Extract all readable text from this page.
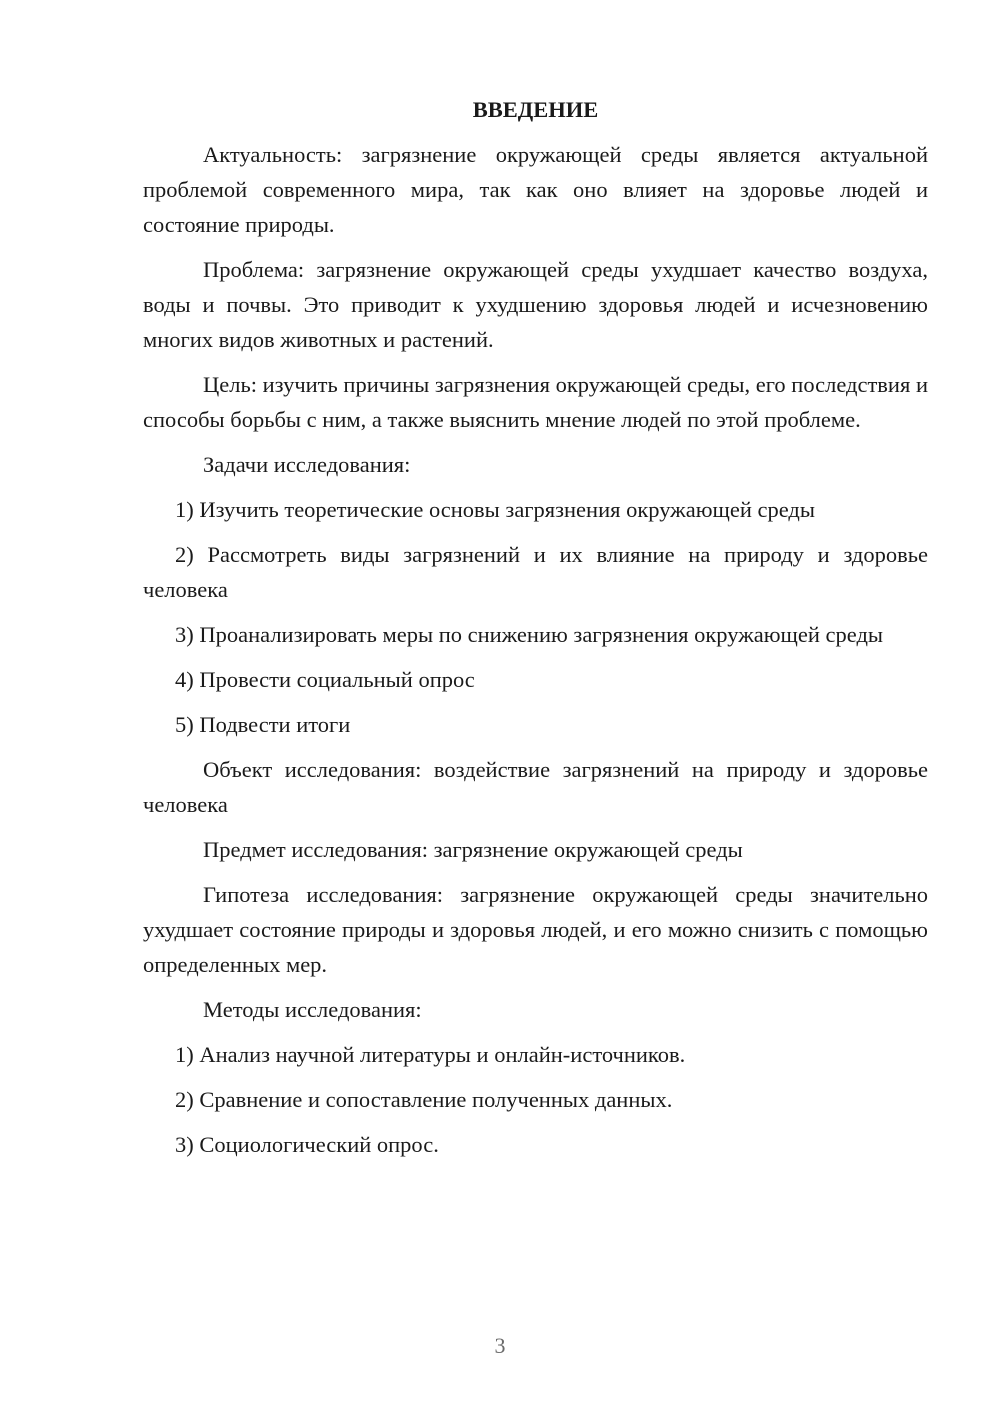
ВВЕДЕНИЕ
Актуальность: загрязнение окружающей среды является актуальной проблемой современного мира, так как оно влияет на здоровье людей и состояние природы.
Проблема: загрязнение окружающей среды ухудшает качество воздуха, воды и почвы. Это приводит к ухудшению здоровья людей и исчезновению многих видов животных и растений.
Цель: изучить причины загрязнения окружающей среды, его последствия и способы борьбы с ним, а также выяснить мнение людей по этой проблеме.
Задачи исследования:
1) Изучить теоретические основы загрязнения окружающей среды
2) Рассмотреть виды загрязнений и их влияние на природу и здоровье человека
3) Проанализировать меры по снижению загрязнения окружающей среды
4) Провести социальный опрос
5) Подвести итоги
Объект исследования: воздействие загрязнений на природу и здоровье человека
Предмет исследования: загрязнение окружающей среды
Гипотеза исследования: загрязнение окружающей среды значительно ухудшает состояние природы и здоровья людей, и его можно снизить с помощью определенных мер.
Методы исследования:
1) Анализ научной литературы и онлайн-источников.
2) Сравнение и сопоставление полученных данных.
3) Социологический опрос.
3
